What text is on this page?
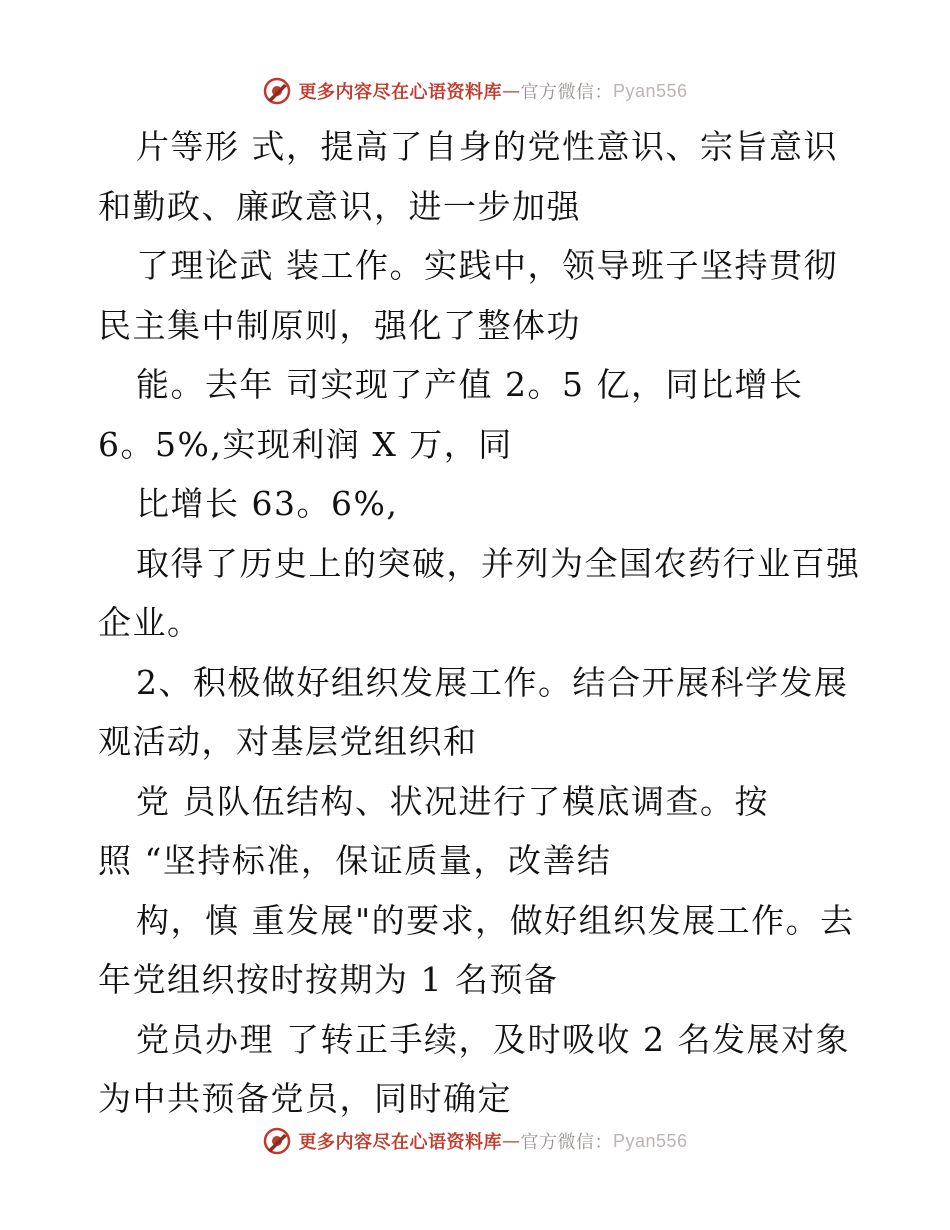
更多内容尽在心语资料库 — 官方微信： Pyan556
片等形 式，提高了自身的党性意识、宗旨意识
和勤政、廉政意识，进一步加强
了理论武 装工作。实践中，领导班子坚持贯彻
民主集中制原则，强化了整体功
能。去年 司实现了产值 2。5 亿，同比增长
6。5%,实现利润 X 万，同
比增长 63。6%,
取得了历史上的突破，并列为全国农药行业百强
企业。
2、积极做好组织发展工作。结合开展科学发展
观活动，对基层党组织和
党 员队伍结构、状况进行了模底调查。按
照 “坚持标准，保证质量，改善结
构，慎 重发展"的要求，做好组织发展工作。去
年党组织按时按期为 1 名预备
党员办理 了转正手续，及时吸收 2 名发展对象
为中共预备党员，同时确定
更多内容尽在心语资料库 — 官方微信： Pyan556
